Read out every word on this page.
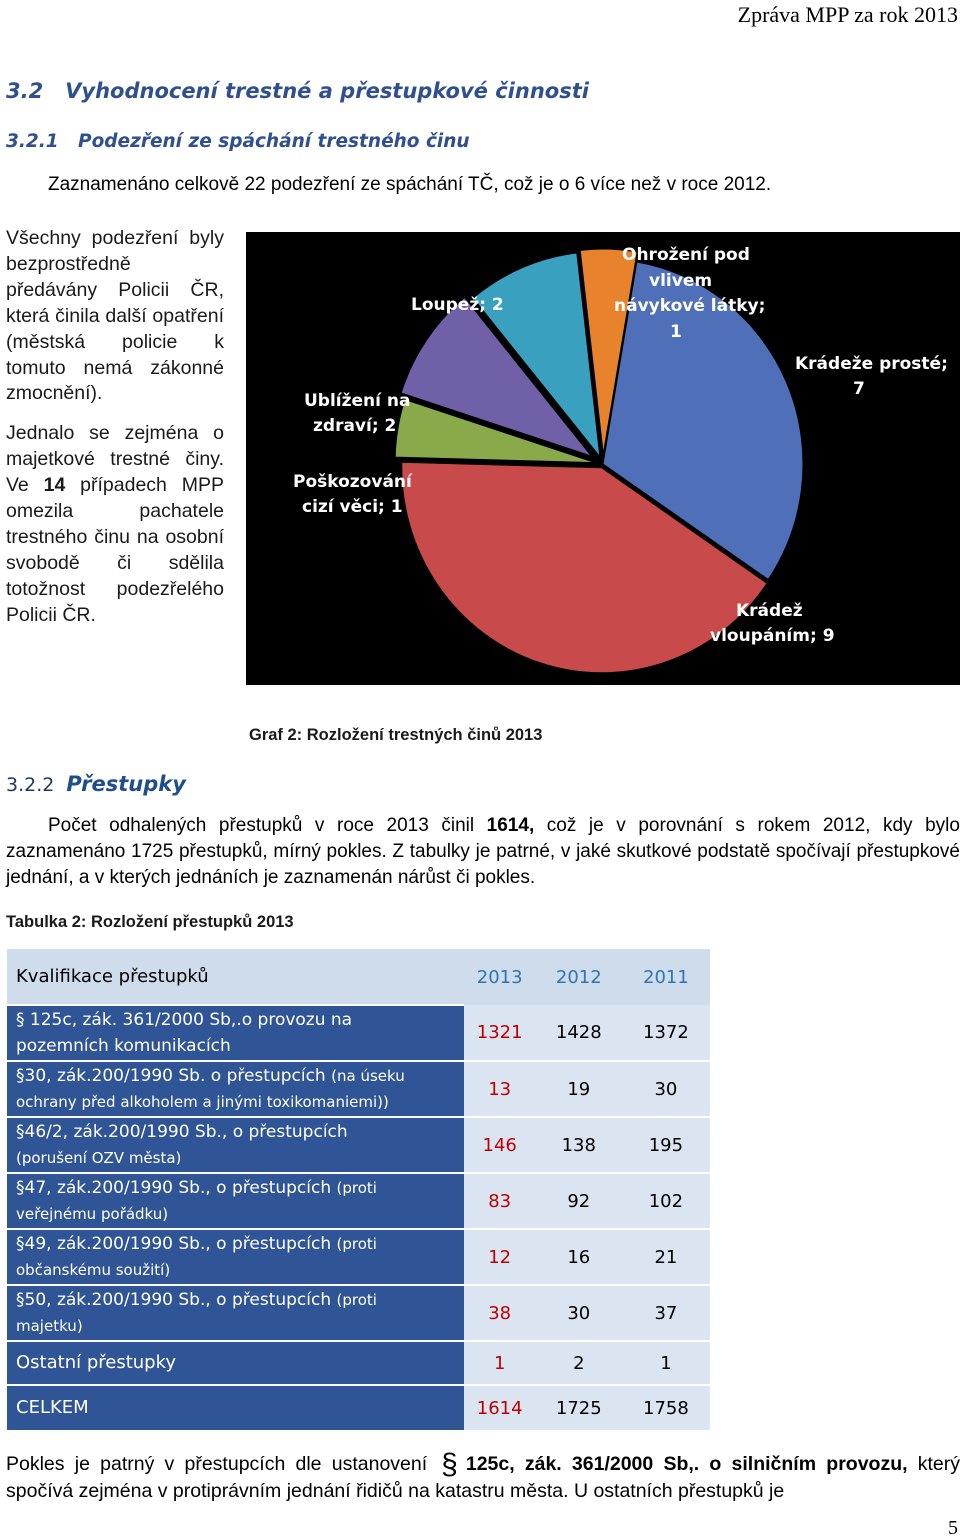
Zpráva MPP za rok 2013
3.2 Vyhodnocení trestné a přestupkové činnosti
3.2.1 Podezření ze spáchání trestného činu
Zaznamenáno celkově 22 podezření ze spáchání TČ, což je o 6 více než v roce 2012.

Všechny podezření byly bezprostředně předávány Policii ČR, která činila další opatření (městská policie k tomuto nemá zákonné zmocnění).

Jednalo se zejména o majetkové trestné činy. Ve 14 případech MPP omezila pachatele trestného činu na osobní svobodě či sdělila totožnost podezřelého Policii ČR.

Krádeže prosté;
7
Krádež
vloupáním; 9
Poškozování
cizí věci; 1
Ublížení na
zdraví; 2
Loupež; 2
Ohrožení pod
vlivem
návykové látky;
1
Graf 2: Rozložení trestných činů 2013
3.2.2 Přestupky
Počet odhalených přestupků v roce 2013 činil 1614, což je v porovnání s rokem 2012, kdy bylo zaznamenáno 1725 přestupků, mírný pokles. Z tabulky je patrné, v jaké skutkové podstatě spočívají přestupkové jednání, a v kterých jednáních je zaznamenán nárůst či pokles.
Tabulka 2: Rozložení přestupků 2013
Kvalifikace přestupků	2013	2012	2011
§ 125c, zák. 361/2000 Sb,.o provozu na
pozemních komunikacích	1321	1428	1372
§30, zák.200/1990 Sb. o přestupcích (na úseku
ochrany před alkoholem a jinými toxikomaniemi))	13	19	30
§46/2, zák.200/1990 Sb., o přestupcích
(porušení OZV města)	146	138	195
§47, zák.200/1990 Sb., o přestupcích (proti
veřejnému pořádku)	83	92	102
§49, zák.200/1990 Sb., o přestupcích (proti
občanskému soužití)	12	16	21
§50, zák.200/1990 Sb., o přestupcích (proti
majetku)	38	30	37
Ostatní přestupky	1	2	1
CELKEM	1614	1725	1758
Pokles je patrný v přestupcích dle ustanovení § 125c, zák. 361/2000 Sb,. o silničním provozu, který spočívá zejména v protiprávním jednání řidičů na katastru města. U ostatních přestupků je
5
